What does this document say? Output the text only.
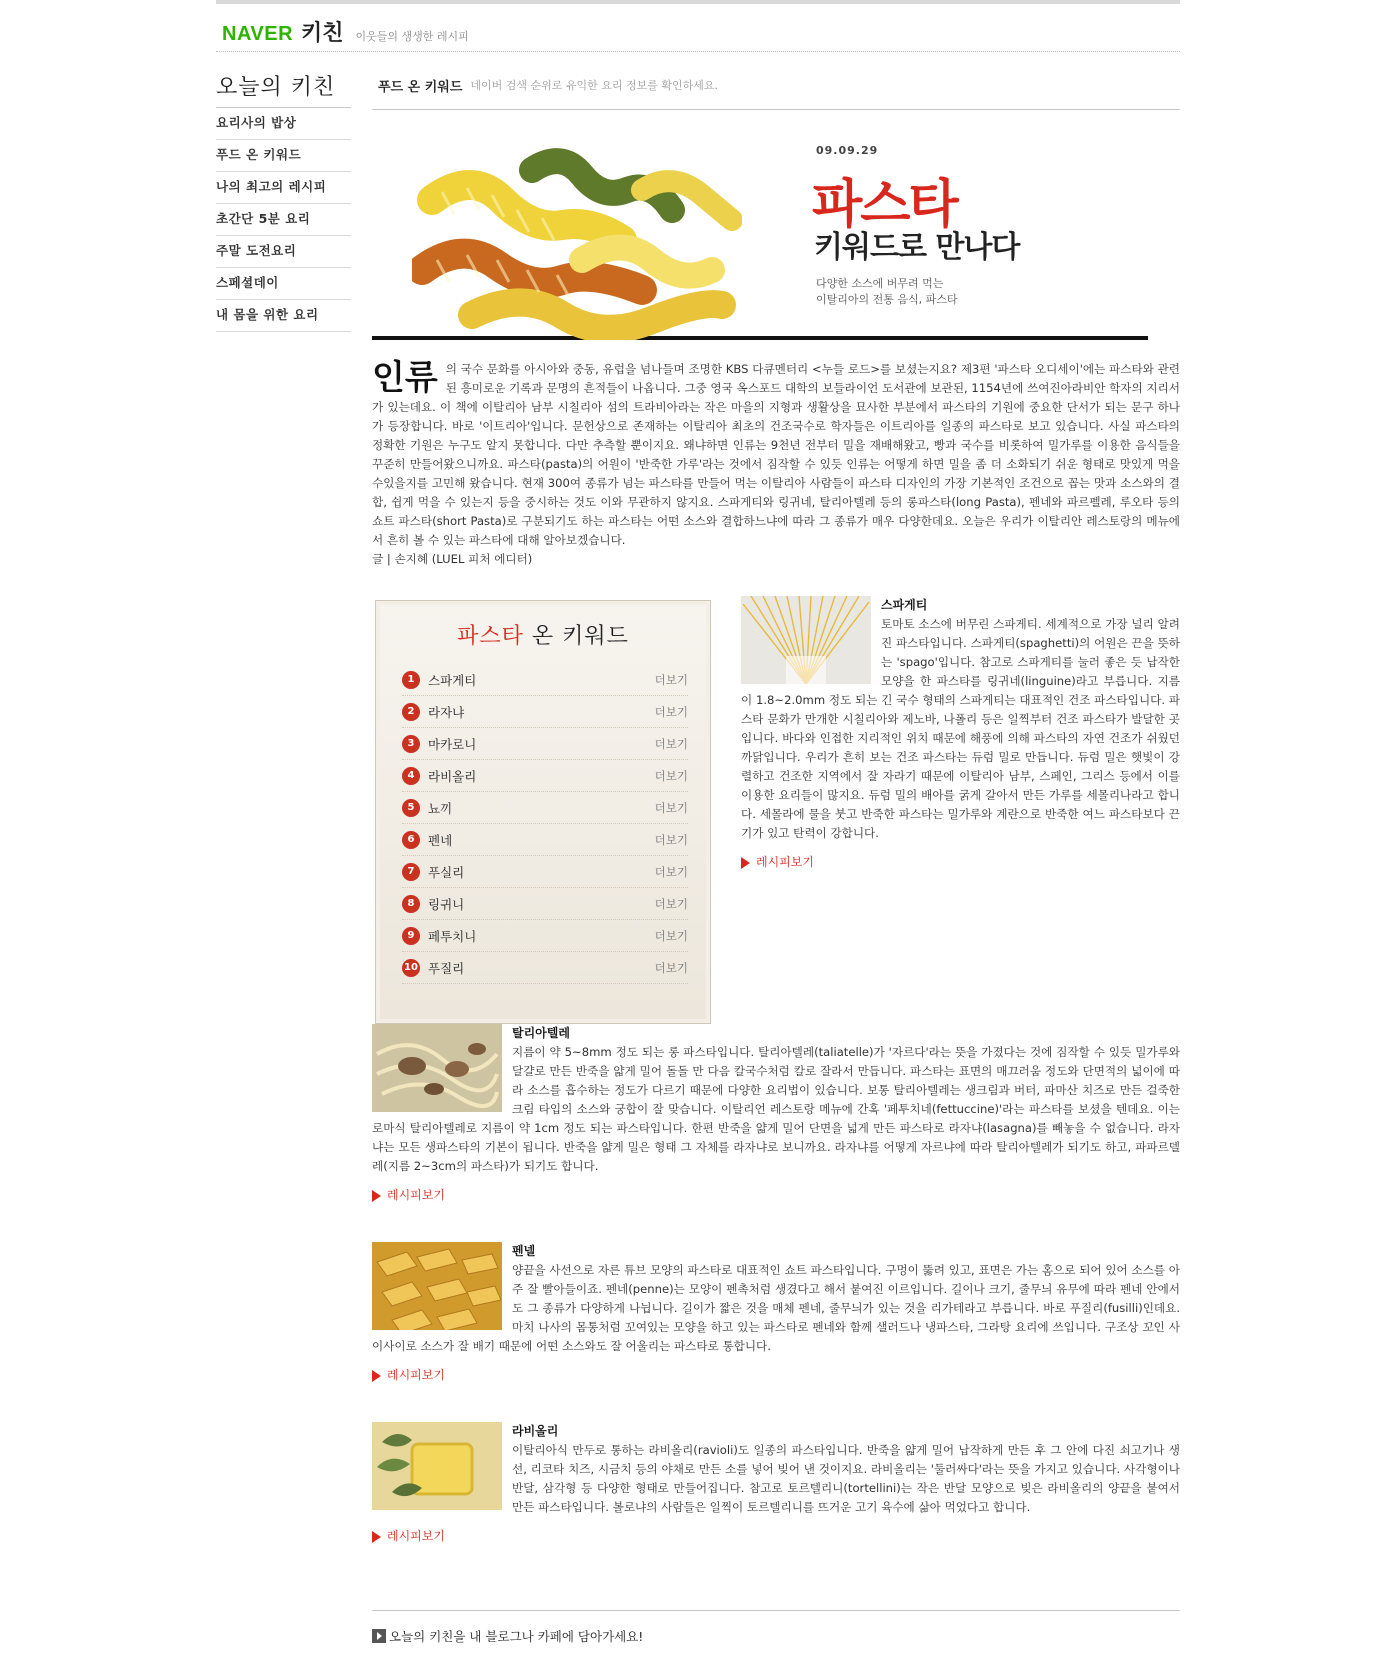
NAVER 키친 이웃들의 생생한 레시피
오늘의 키친
요리사의 밥상
푸드 온 키워드
나의 최고의 레시피
초간단 5분 요리
주말 도전요리
스페셜데이
내 몸을 위한 요리
푸드 온 키워드 네이버 검색 순위로 유익한 요리 정보를 확인하세요.
09.09.29
파스타
키워드로 만나다
다양한 소스에 버무려 먹는
이탈리아의 전통 음식, 파스타
인류 의 국수 문화를 아시아와 중동, 유럽을 넘나들며 조명한 KBS 다큐멘터리 <누들 로드>를 보셨는지요? 제3편 '파스타 오디세이'에는 파스타와 관련된 흥미로운 기록과 문명의 흔적들이 나옵니다. 그중 영국 옥스포드 대학의 보들라이언 도서관에 보관된, 1154년에 쓰여진아라비안 학자의 지리서가 있는데요. 이 책에 이탈리아 남부 시칠리아 섬의 트라비아라는 작은 마을의 지형과 생활상을 묘사한 부분에서 파스타의 기원에 중요한 단서가 되는 문구 하나가 등장합니다. 바로 '이트리아'입니다. 문헌상으로 존재하는 이탈리아 최초의 건조국수로 학자들은 이트리아를 일종의 파스타로 보고 있습니다. 사실 파스타의 정확한 기원은 누구도 알지 못합니다. 다만 추측할 뿐이지요. 왜냐하면 인류는 9천년 전부터 밀을 재배해왔고, 빵과 국수를 비롯하여 밀가루를 이용한 음식들을 꾸준히 만들어왔으니까요. 파스타(pasta)의 어원이 '반죽한 가루'라는 것에서 짐작할 수 있듯 인류는 어떻게 하면 밀을 좀 더 소화되기 쉬운 형태로 맛있게 먹을 수있을지를 고민해 왔습니다. 현재 300여 종류가 넘는 파스타를 만들어 먹는 이탈리아 사람들이 파스타 디자인의 가장 기본적인 조건으로 꼽는 맛과 소스와의 결합, 쉽게 먹을 수 있는지 등을 중시하는 것도 이와 무관하지 않지요. 스파게티와 링귀네, 탈리아텔레 등의 롱파스타(long Pasta), 펜네와 파르펠레, 루오타 등의 쇼트 파스타(short Pasta)로 구분되기도 하는 파스타는 어떤 소스와 결합하느냐에 따라 그 종류가 매우 다양한데요. 오늘은 우리가 이탈리안 레스토랑의 메뉴에서 흔히 볼 수 있는 파스타에 대해 알아보겠습니다.
글 | 손지혜 (LUEL 피처 에디터)
파스타 온 키워드
1	스파게티	더보기
2	라자냐	더보기
3	마카로니	더보기
4	라비올리	더보기
5	뇨끼	더보기
6	펜네	더보기
7	푸실리	더보기
8	링귀니	더보기
9	페투치니	더보기
10 푸질리	더보기
스파게티
토마토 소스에 버무린 스파게티. 세계적으로 가장 널리 알려진 파스타입니다. 스파게티(spaghetti)의 어원은 끈을 뜻하는 'spago'입니다. 참고로 스파게티를 눌러 좋은 듯 납작한 모양을 한 파스타를 링귀네(linguine)라고 부릅니다. 지름이 1.8~2.0mm 정도 되는 긴 국수 형태의 스파게티는 대표적인 건조 파스타입니다. 파스타 문화가 만개한 시칠리아와 제노바, 나폴리 등은 일찍부터 건조 파스타가 발달한 곳입니다. 바다와 인접한 지리적인 위치 때문에 해풍에 의해 파스타의 자연 건조가 쉬웠던 까닭입니다. 우리가 흔히 보는 건조 파스타는 듀럼 밀로 만듭니다. 듀럼 밀은 햇빛이 강렬하고 건조한 지역에서 잘 자라기 때문에 이탈리아 남부, 스페인, 그리스 등에서 이를 이용한 요리들이 많지요. 듀럼 밀의 배아를 굵게 갈아서 만든 가루를 세몰리나라고 합니다. 세몰라에 물을 붓고 반죽한 파스타는 밀가루와 계란으로 반죽한 여느 파스타보다 끈기가 있고 탄력이 강합니다.
레시피보기
탈리아텔레
지름이 약 5~8mm 정도 되는 롱 파스타입니다. 탈리아텔레(taliatelle)가 '자르다'라는 뜻을 가졌다는 것에 짐작할 수 있듯 밀가루와 달걀로 만든 반죽을 얇게 밀어 돌돌 만 다음 칼국수처럼 칼로 잘라서 만듭니다. 파스타는 표면의 매끄러움 정도와 단면적의 넓이에 따라 소스를 흡수하는 정도가 다르기 때문에 다양한 요리법이 있습니다. 보통 탈리아텔레는 생크림과 버터, 파마산 치즈로 만든 걸죽한 크림 타입의 소스와 궁합이 잘 맞습니다. 이탈리언 레스토랑 메뉴에 간혹 '페투치네(fettuccine)'라는 파스타를 보셨을 텐데요. 이는 로마식 탈리아텔레로 지름이 약 1cm 정도 되는 파스타입니다. 한편 반죽을 얇게 밀어 단면을 넓게 만든 파스타로 라자냐(lasagna)를 빼놓을 수 없습니다. 라자냐는 모든 생파스타의 기본이 됩니다. 반죽을 얇게 밀은 형태 그 자체를 라자냐로 보니까요. 라자냐를 어떻게 자르냐에 따라 탈리아텔레가 되기도 하고, 파파르델레(지름 2~3cm의 파스타)가 되기도 합니다.
레시피보기
펜넬
양끝을 사선으로 자른 튜브 모양의 파스타로 대표적인 쇼트 파스타입니다. 구멍이 뚫려 있고, 표면은 가는 홈으로 되어 있어 소스를 아주 잘 빨아들이죠. 펜네(penne)는 모양이 펜촉처럼 생겼다고 해서 붙여진 이르입니다. 길이나 크기, 줄무늬 유무에 따라 펜네 안에서도 그 종류가 다양하게 나뉩니다. 길이가 짧은 것을 매체 펜네, 줄무늬가 있는 것을 리가테라고 부릅니다. 바로 푸질리(fusilli)인데요. 마치 나사의 몸통처럼 꼬여있는 모양을 하고 있는 파스타로 펜네와 함께 샐러드나 냉파스타, 그라탕 요리에 쓰입니다. 구조상 꼬인 사이사이로 소스가 잘 배기 때문에 어떤 소스와도 잘 어울리는 파스타로 통합니다.
레시피보기
라비올리
이탈리아식 만두로 통하는 라비올리(ravioli)도 일종의 파스타입니다. 반죽을 얇게 밀어 납작하게 만든 후 그 안에 다진 쇠고기나 생선, 리코타 치즈, 시금치 등의 야채로 만든 소를 넣어 빚어 낸 것이지요. 라비올리는 '둘러싸다'라는 뜻을 가지고 있습니다. 사각형이나 반달, 삼각형 등 다양한 형태로 만들어집니다. 참고로 토르텔리니(tortellini)는 작은 반달 모양으로 빚은 라비올리의 양끝을 붙여서 만든 파스타입니다. 볼로냐의 사람들은 일찍이 토르텔리니를 뜨거운 고기 육수에 삶아 먹었다고 합니다.
레시피보기
오늘의 키친을 내 블로그나 카페에 담아가세요!
